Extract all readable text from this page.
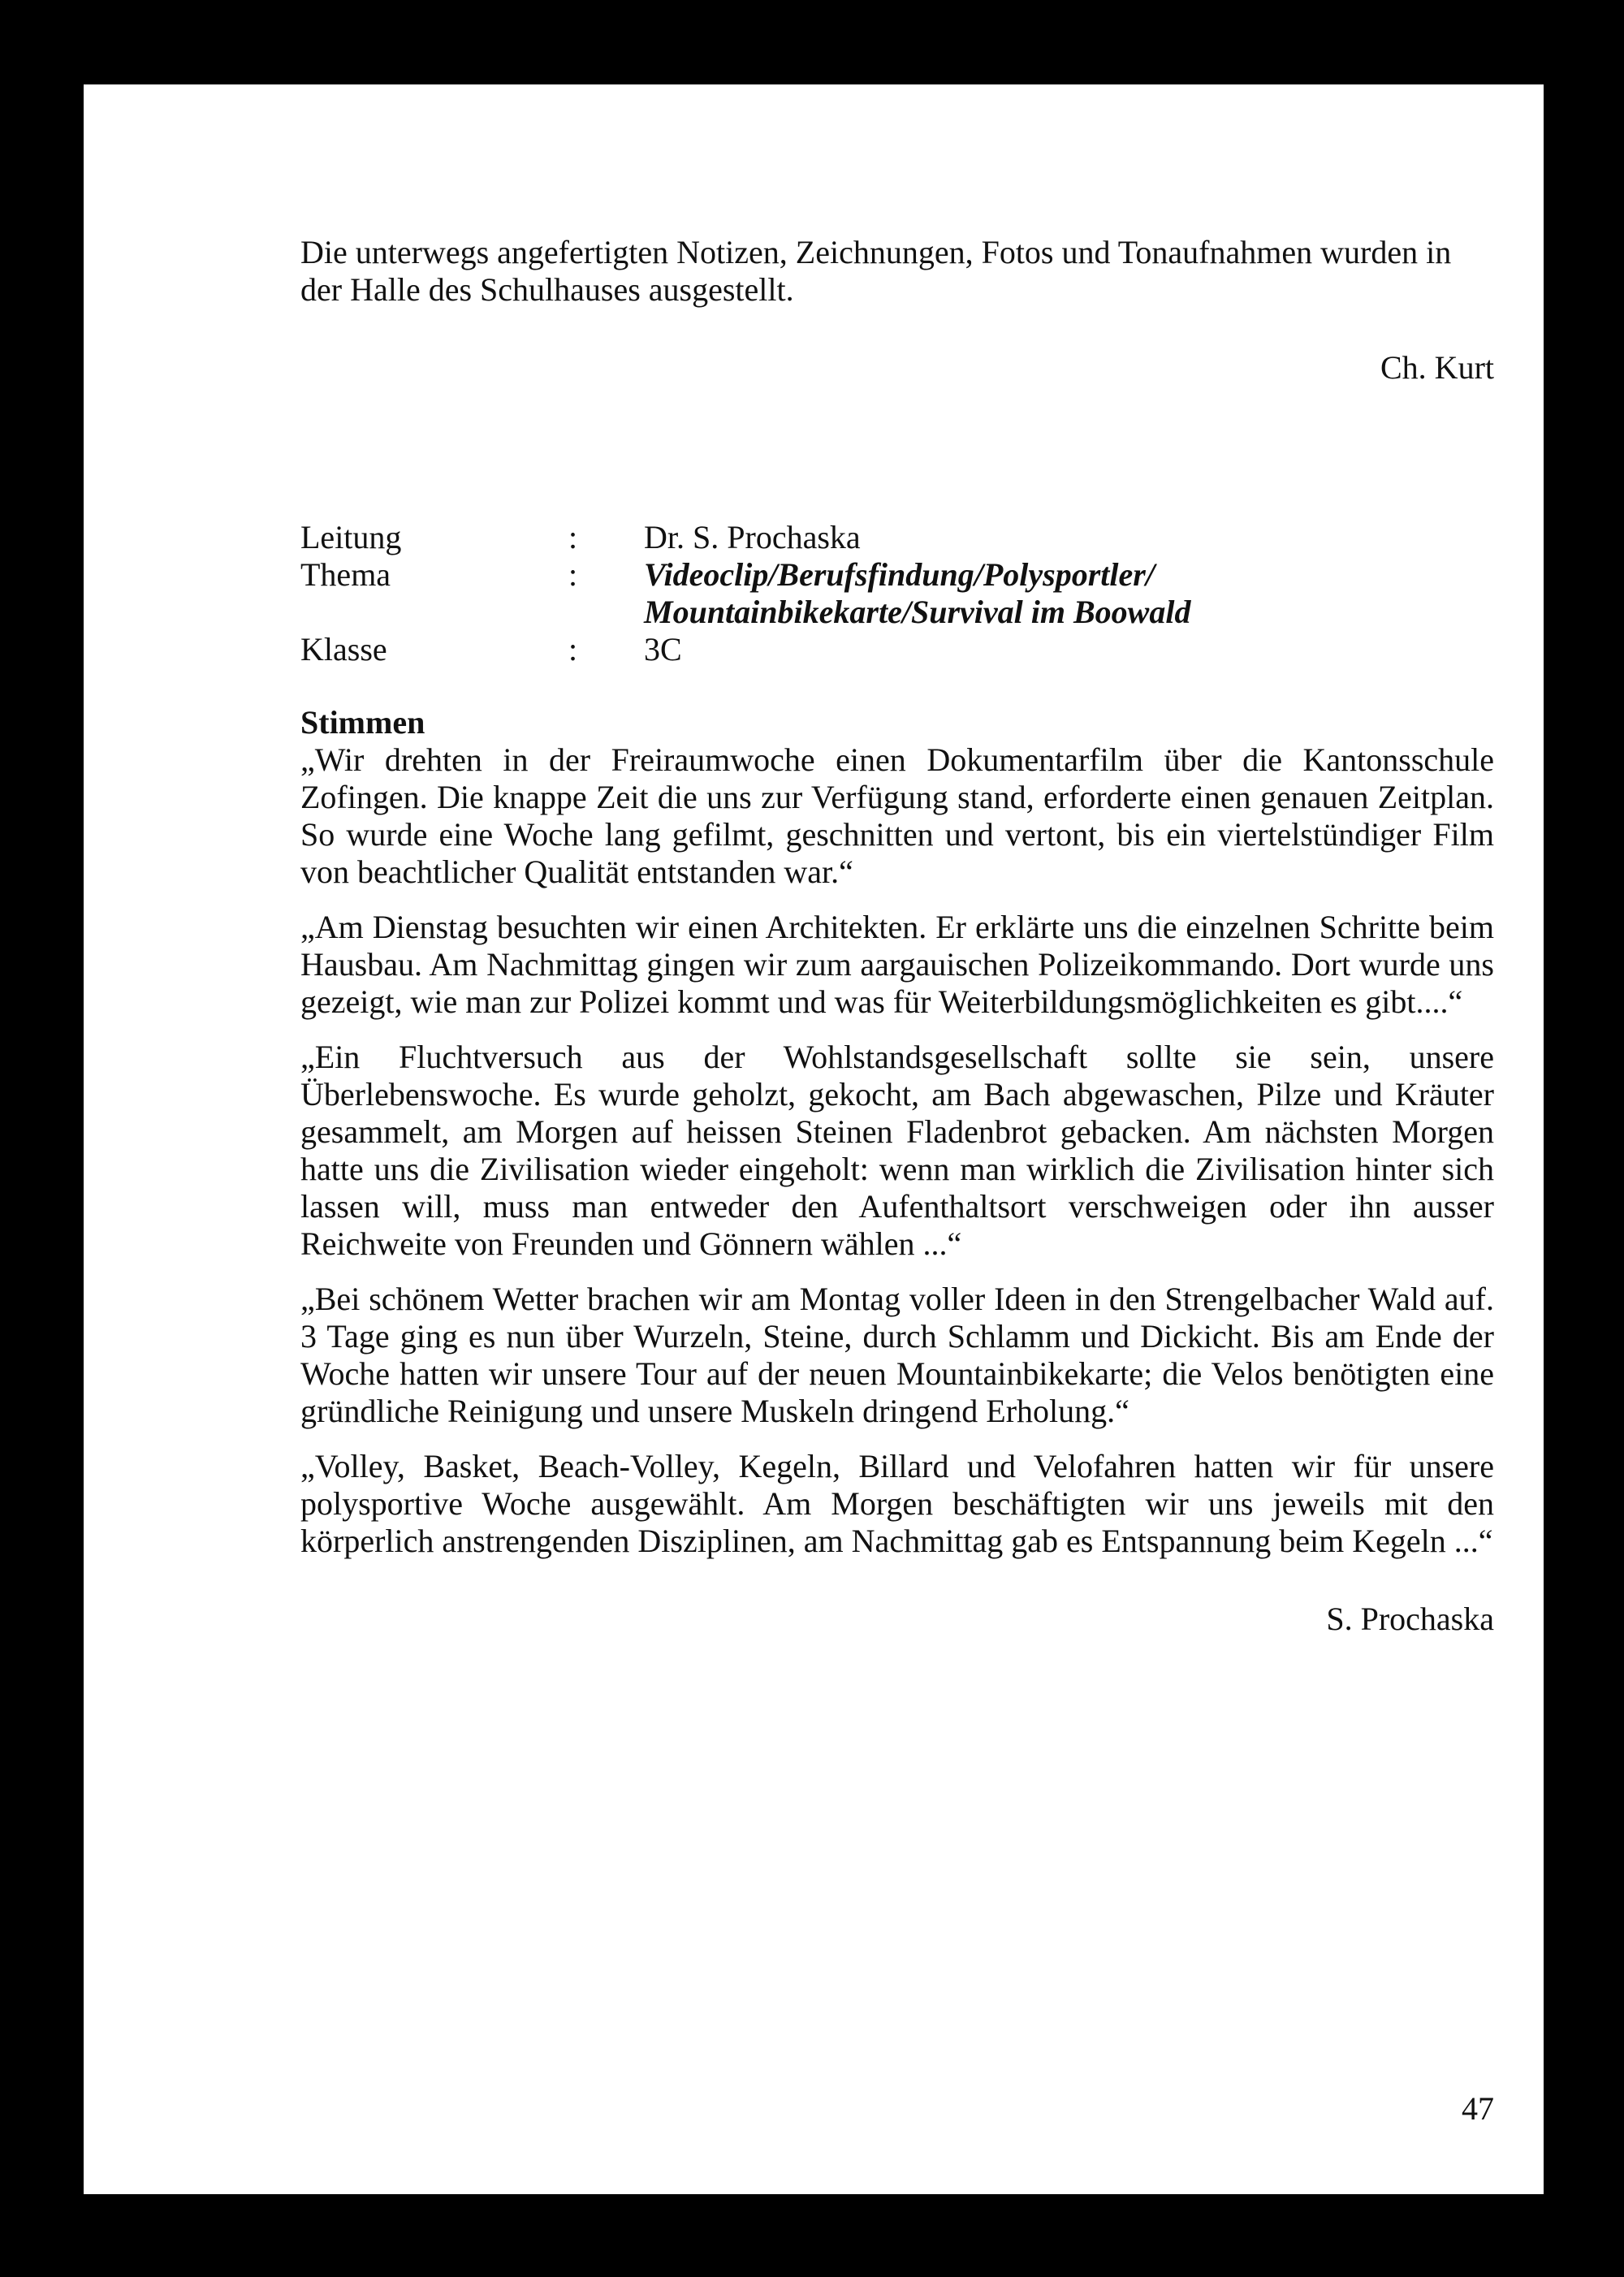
Die unterwegs angefertigten Notizen, Zeichnungen, Fotos und Tonaufnahmen wurden in der Halle des Schulhauses ausgestellt.

Ch. Kurt

Leitung	:	Dr. S. Prochaska
Thema	:	Videoclip/Berufsfindung/Polysportler/
Mountainbikekarte/Survival im Boowald
Klasse	:	3C

Stimmen

„Wir drehten in der Freiraumwoche einen Dokumentarfilm über die Kantonsschule Zofingen. Die knappe Zeit die uns zur Verfügung stand, erforderte einen genauen Zeitplan. So wurde eine Woche lang gefilmt, geschnitten und vertont, bis ein viertelstündiger Film von beachtlicher Qualität entstanden war.“

„Am Dienstag besuchten wir einen Architekten. Er erklärte uns die einzelnen Schritte beim Hausbau. Am Nachmittag gingen wir zum aargauischen Polizeikommando. Dort wurde uns gezeigt, wie man zur Polizei kommt und was für Weiterbildungsmöglichkeiten es gibt....“

„Ein Fluchtversuch aus der Wohlstandsgesellschaft sollte sie sein, unsere Überlebenswoche. Es wurde geholzt, gekocht, am Bach abgewaschen, Pilze und Kräuter gesammelt, am Morgen auf heissen Steinen Fladenbrot gebacken. Am nächsten Morgen hatte uns die Zivilisation wieder eingeholt: wenn man wirklich die Zivilisation hinter sich lassen will, muss man entweder den Aufenthaltsort verschweigen oder ihn ausser Reichweite von Freunden und Gönnern wählen ...“

„Bei schönem Wetter brachen wir am Montag voller Ideen in den Strengelbacher Wald auf. 3 Tage ging es nun über Wurzeln, Steine, durch Schlamm und Dickicht. Bis am Ende der Woche hatten wir unsere Tour auf der neuen Mountainbikekarte; die Velos benötigten eine gründliche Reinigung und unsere Muskeln dringend Erholung.“

„Volley, Basket, Beach-Volley, Kegeln, Billard und Velofahren hatten wir für unsere polysportive Woche ausgewählt. Am Morgen beschäftigten wir uns jeweils mit den körperlich anstrengenden Disziplinen, am Nachmittag gab es Entspannung beim Kegeln ...“

S. Prochaska

47
